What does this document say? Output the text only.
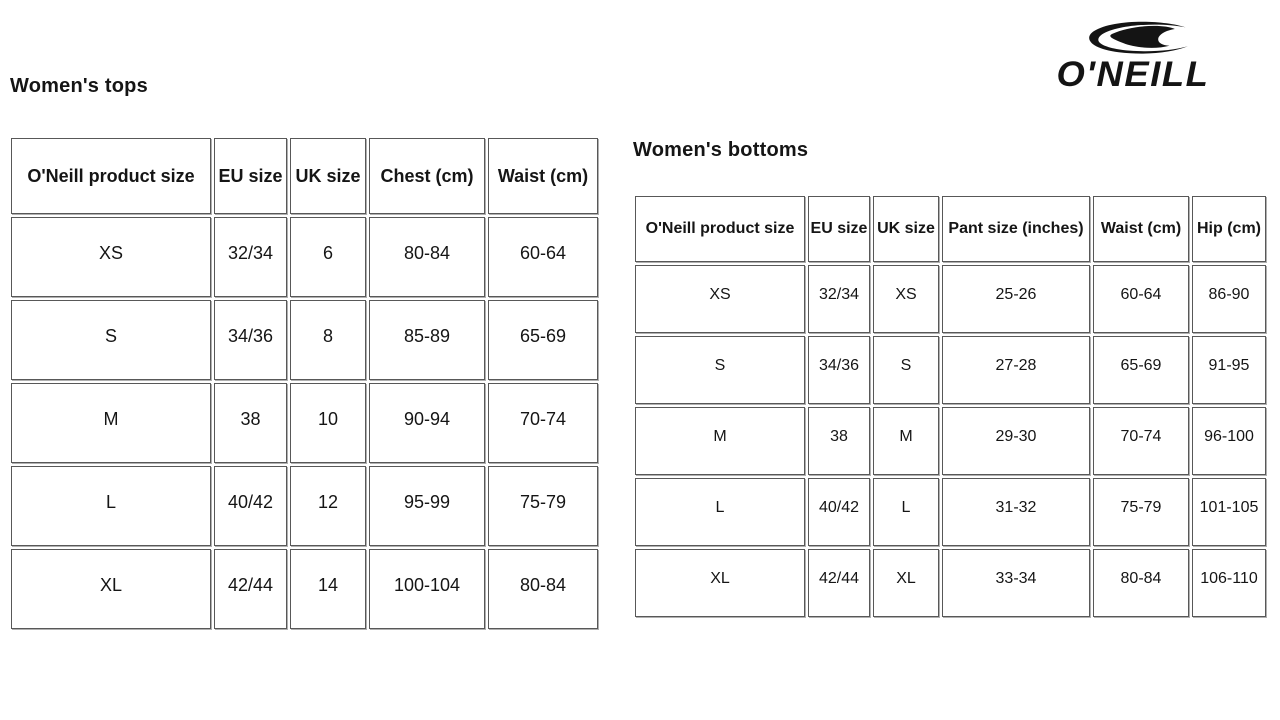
O'NEILL
Women's tops
O'Neill product size	EU size	UK size	Chest (cm)	Waist (cm)
XS	32/34	6	80-84	60-64
S	34/36	8	85-89	65-69
M	38	10	90-94	70-74
L	40/42	12	95-99	75-79
XL	42/44	14	100-104	80-84
Women's bottoms
O'Neill product size	EU size	UK size	Pant size (inches)	Waist (cm)	Hip (cm)
XS	32/34	XS	25-26	60-64	86-90
S	34/36	S	27-28	65-69	91-95
M	38	M	29-30	70-74	96-100
L	40/42	L	31-32	75-79	101-105
XL	42/44	XL	33-34	80-84	106-110
